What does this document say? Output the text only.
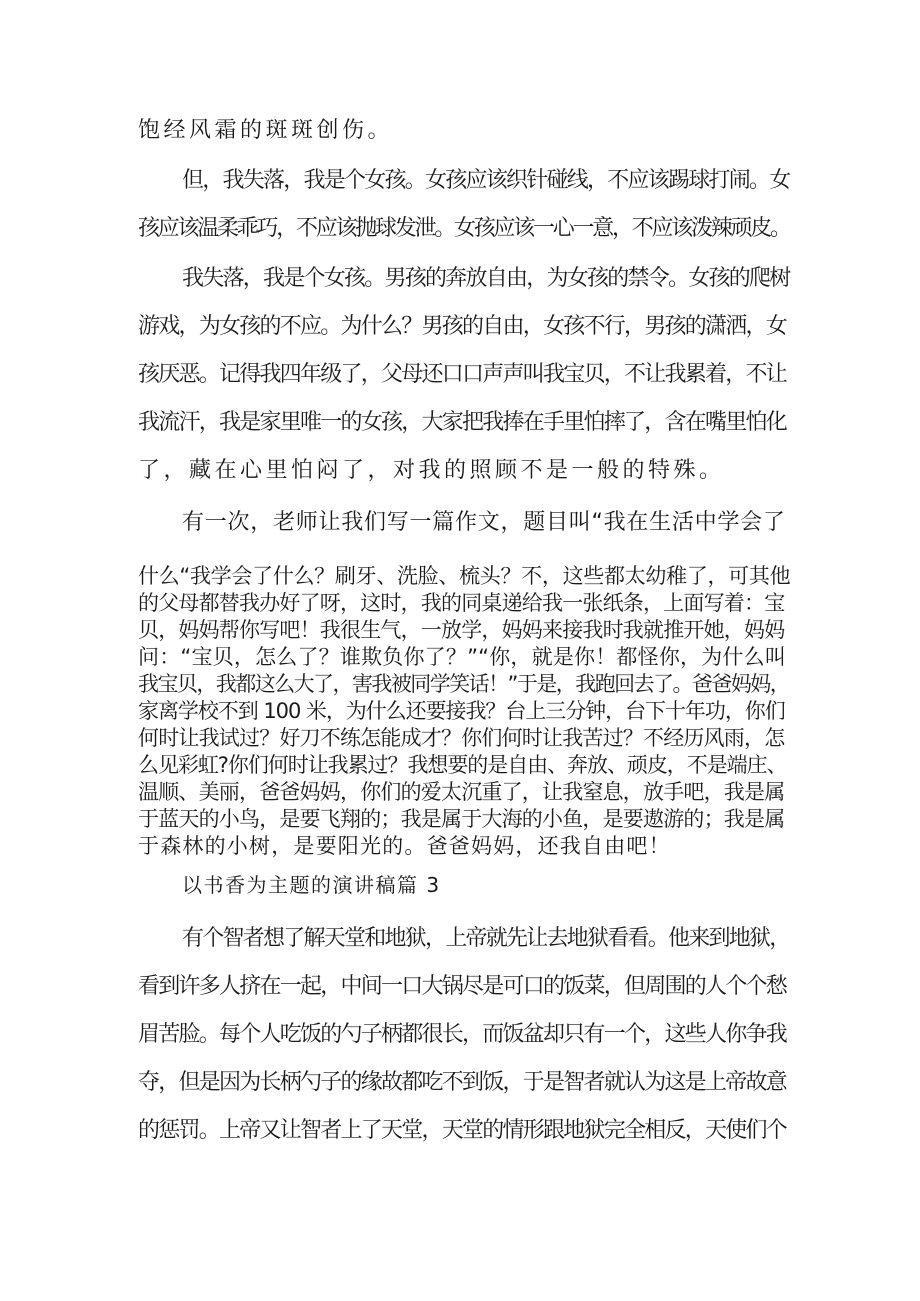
饱经风霜的斑斑创伤。

但，我失落，我是个女孩。女孩应该织针碰线，不应该踢球打闹。女

孩应该温柔乖巧，不应该抛球发泄。女孩应该一心一意，不应该泼辣顽皮。

我失落，我是个女孩。男孩的奔放自由，为女孩的禁令。女孩的爬树

游戏，为女孩的不应。为什么？男孩的自由，女孩不行，男孩的潇洒，女

孩厌恶。记得我四年级了，父母还口口声声叫我宝贝，不让我累着，不让

我流汗，我是家里唯一的女孩，大家把我捧在手里怕摔了，含在嘴里怕化

了，藏在心里怕闷了，对我的照顾不是一般的特殊。

有一次，老师让我们写一篇作文，题目叫“我在生活中学会了

什么“我学会了什么？刷牙、洗脸、梳头？不，这些都太幼稚了，可其他

的父母都替我办好了呀，这时，我的同桌递给我一张纸条，上面写着：宝

贝，妈妈帮你写吧！我很生气，一放学，妈妈来接我时我就推开她，妈妈

问：“宝贝，怎么了？谁欺负你了？”“你，就是你！都怪你，为什么叫

我宝贝，我都这么大了，害我被同学笑话！”于是，我跑回去了。爸爸妈妈，

家离学校不到 100 米，为什么还要接我？台上三分钟，台下十年功，你们

何时让我试过？好刀不练怎能成才？你们何时让我苦过？不经历风雨，怎

么见彩虹?你们何时让我累过？我想要的是自由、奔放、顽皮，不是端庄、

温顺、美丽，爸爸妈妈，你们的爱太沉重了，让我窒息，放手吧，我是属

于蓝天的小鸟，是要飞翔的；我是属于大海的小鱼，是要遨游的；我是属

于森林的小树，是要阳光的。爸爸妈妈，还我自由吧！

以书香为主题的演讲稿篇 3

有个智者想了解天堂和地狱，上帝就先让去地狱看看。他来到地狱，

看到许多人挤在一起，中间一口大锅尽是可口的饭菜，但周围的人个个愁

眉苦脸。每个人吃饭的勺子柄都很长，而饭盆却只有一个，这些人你争我

夺，但是因为长柄勺子的缘故都吃不到饭，于是智者就认为这是上帝故意

的惩罚。上帝又让智者上了天堂，天堂的情形跟地狱完全相反，天使们个
